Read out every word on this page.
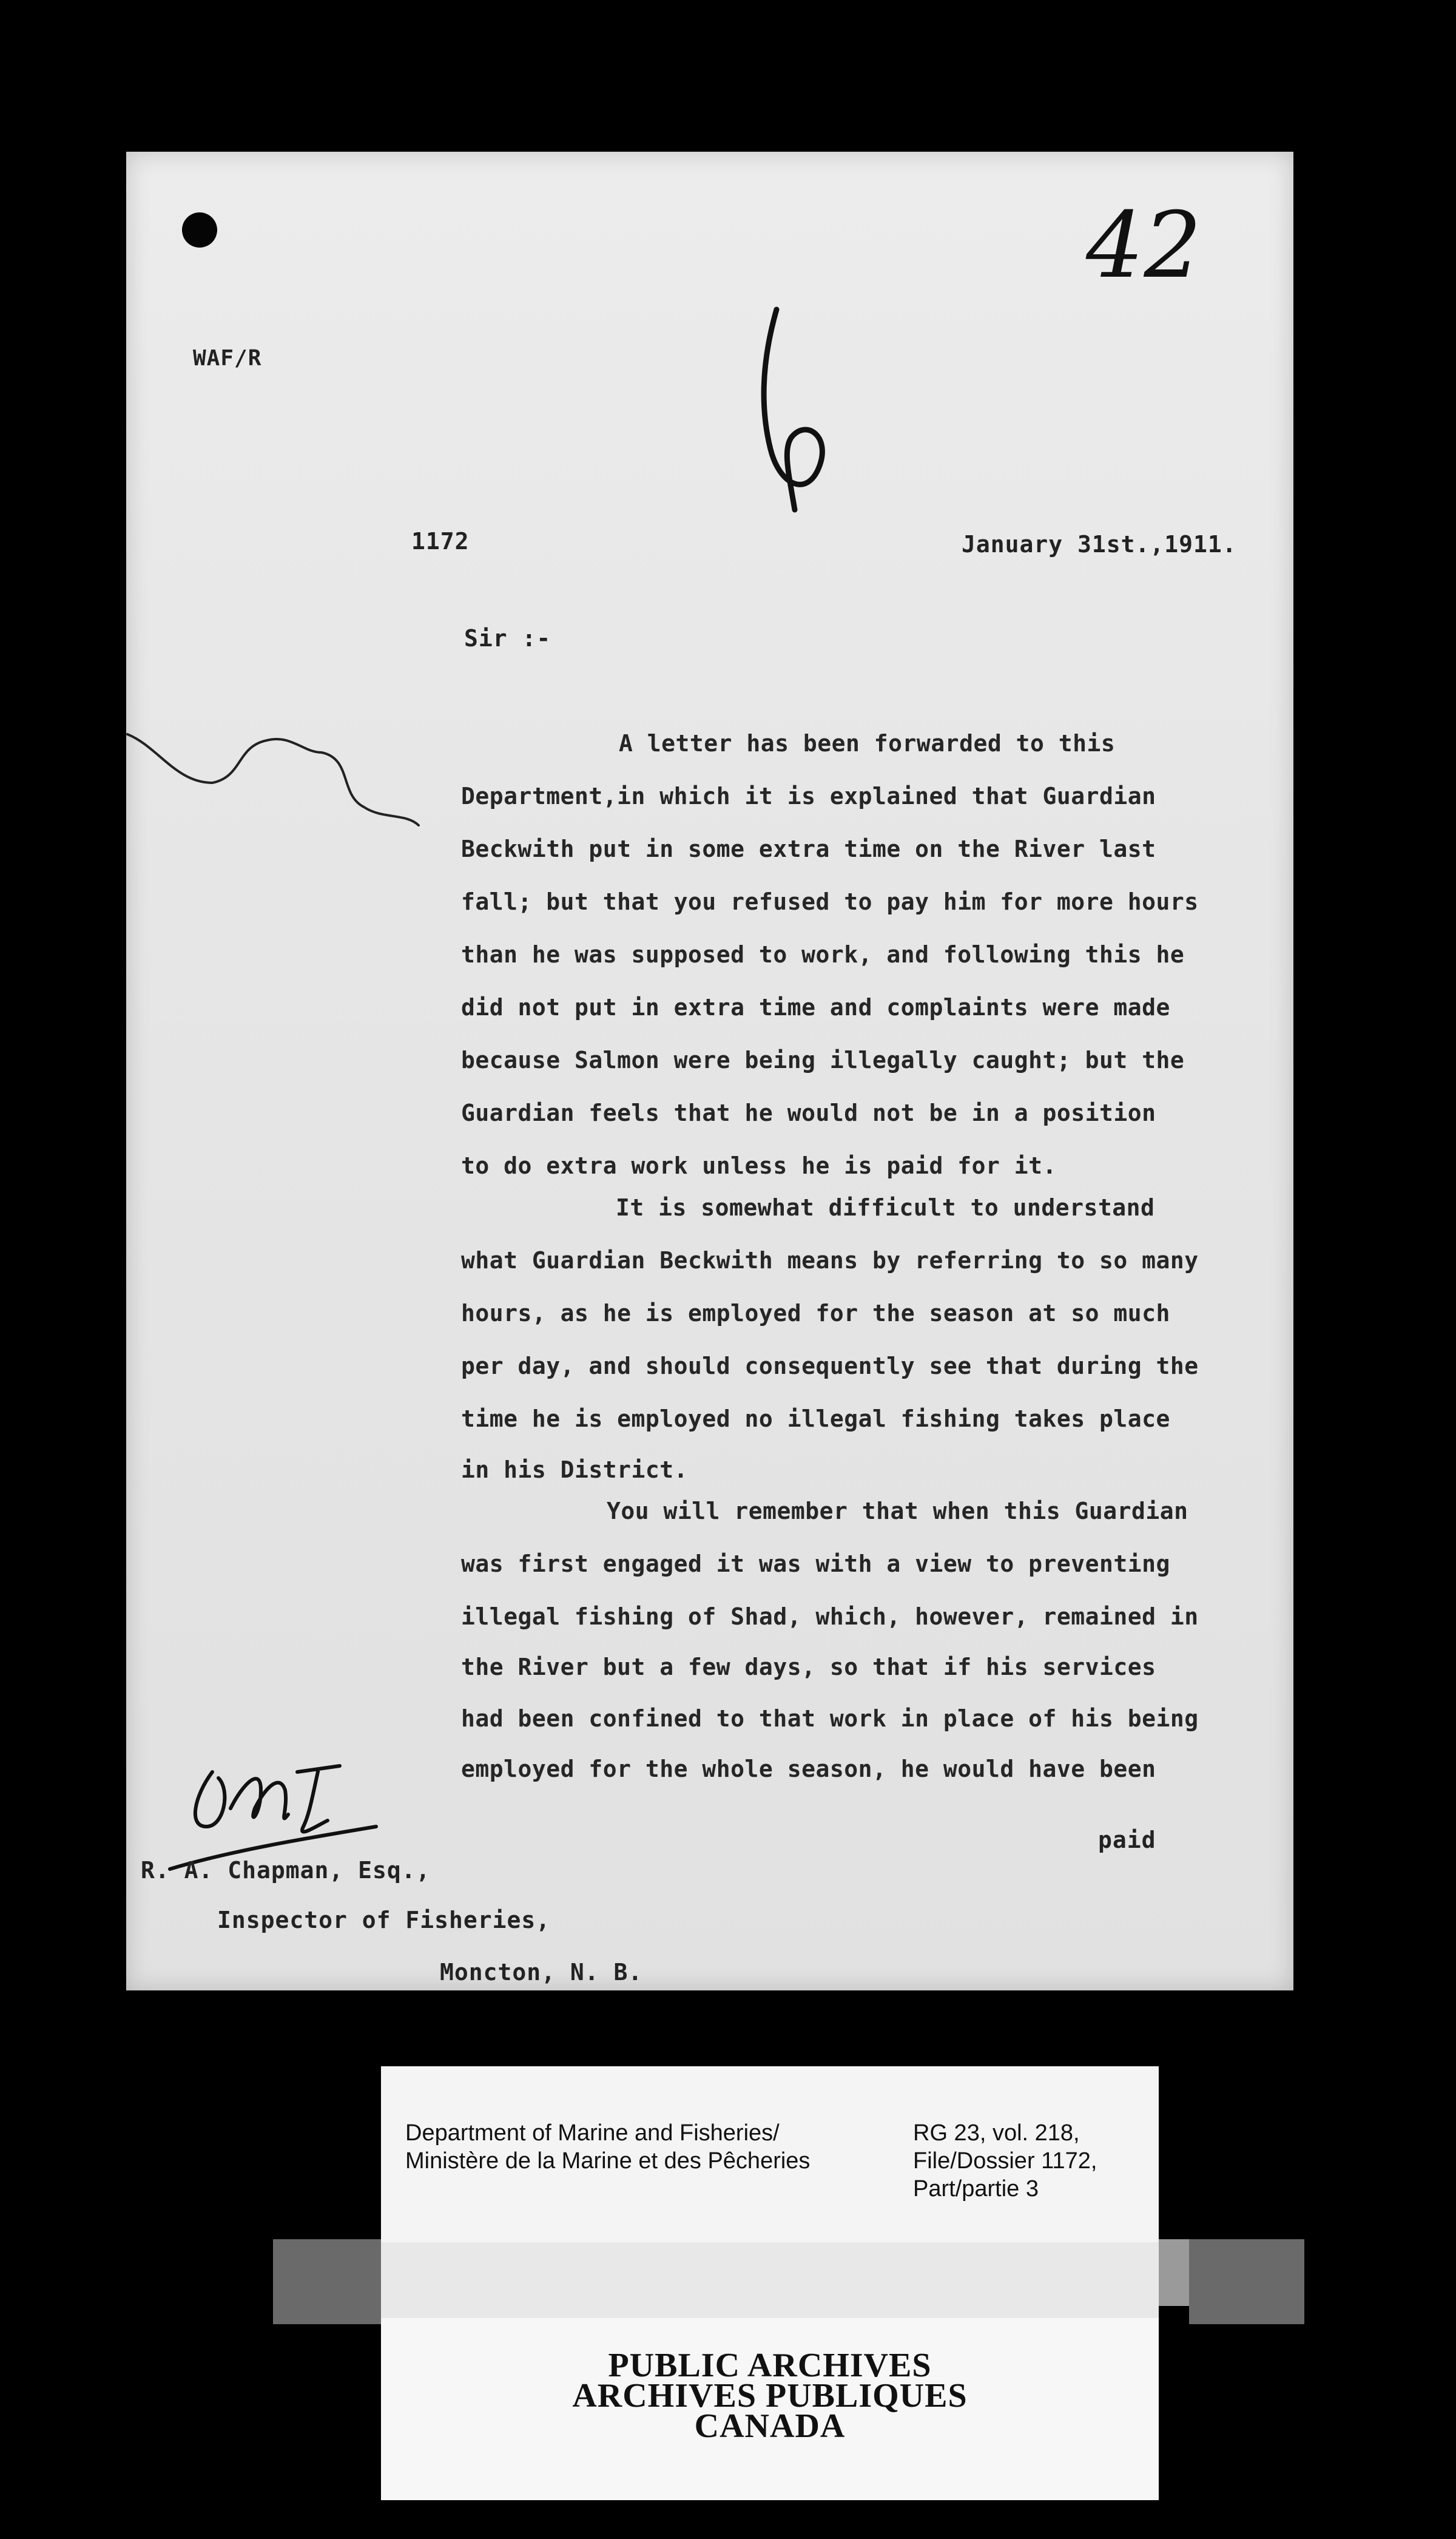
WAF/R

42

1172	January 31st.,1911.

Sir :-

A letter has been forwarded to this

Department,in which it is explained that Guardian

Beckwith put in some extra time on the River last

fall; but that you refused to pay him for more hours

than he was supposed to work, and following this he

did not put in extra time and complaints were made

because Salmon were being illegally caught; but the

Guardian feels that he would not be in a position

to do extra work unless he is paid for it.

It is somewhat difficult to understand

what Guardian Beckwith means by referring to so many

hours, as he is employed for the season at so much

per day, and should consequently see that during the

time he is employed no illegal fishing takes place

in his District.

You will remember that when this Guardian

was first engaged it was with a view to preventing

illegal fishing of Shad, which, however, remained in

the River but a few days, so that if his services

had been confined to that work in place of his being

employed for the whole season, he would have been

paid

R. A. Chapman, Esq.,

Inspector of Fisheries,

Moncton, N. B.

Department of Marine and Fisheries/

Ministère de la Marine et des Pêcheries

RG 23, vol. 218,

File/Dossier 1172,

Part/partie 3

PUBLIC ARCHIVES

ARCHIVES PUBLIQUES

CANADA
